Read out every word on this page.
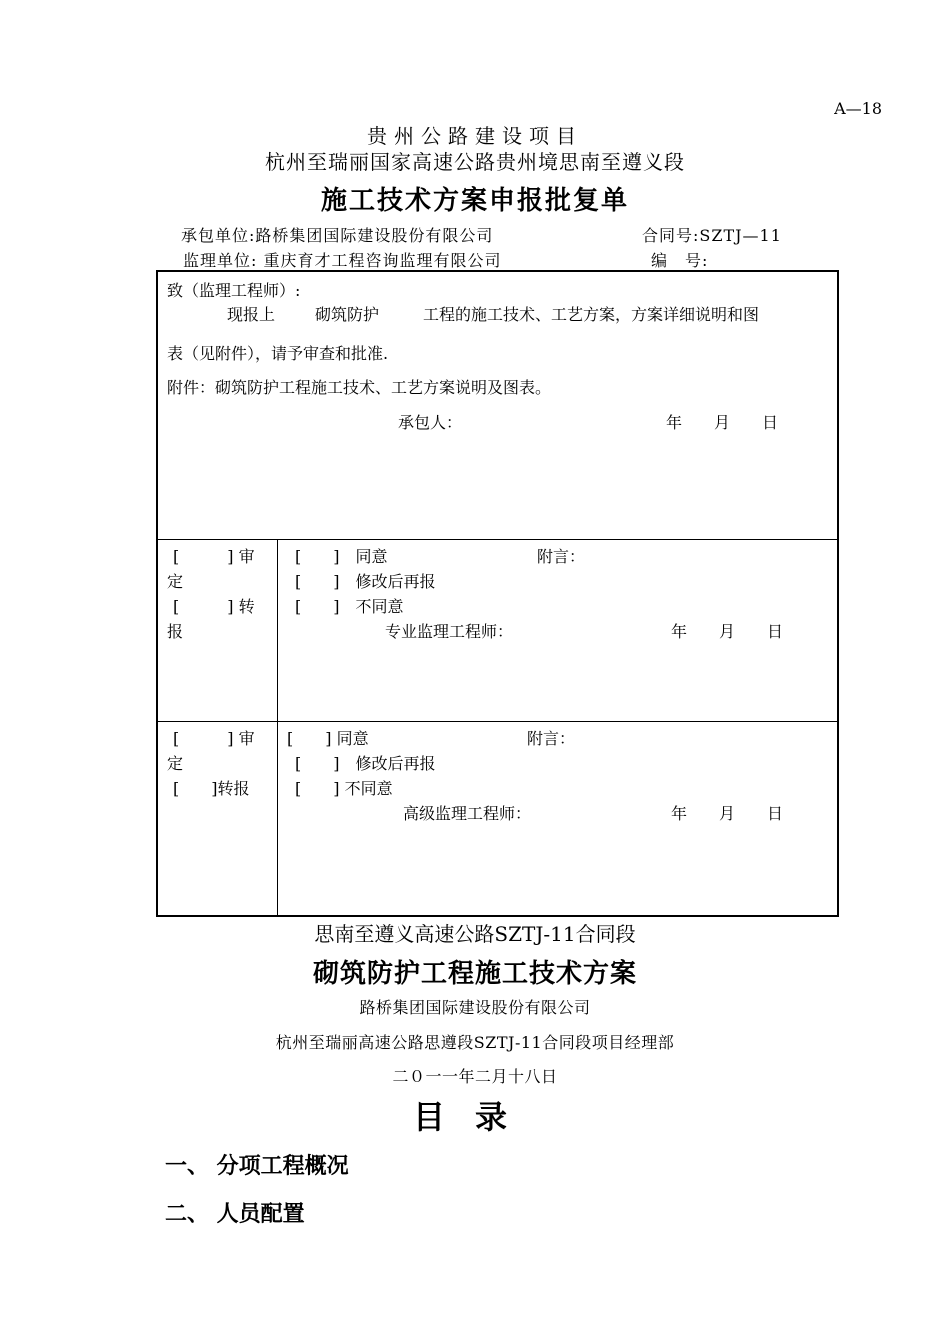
A—18
贵州公路建设项目
杭州至瑞丽国家高速公路贵州境思南至遵义段
施工技术方案申报批复单
承包单位:路桥集团国际建设股份有限公司	合同号:SZTJ—11
监理单位: 重庆育才工程咨询监理有限公司	编　号:
致（监理工程师）:
现报上 砌筑防护	工程的施工技术、工艺方案，方案详细说明和图
表（见附件），请予审查和批准.
附件：砌筑防护工程施工技术、工艺方案说明及图表。
承包人：	年　　月　　日
[　　　] 审
定
[　　　] 转
报
[　　]　同意	附言：
[　　]　修改后再报
[　　]　不同意
专业监理工程师：	年　　月　　日
[　　　] 审
定
[　　]转报
[　　] 同意	附言：
[　　]　修改后再报
[　　] 不同意
高级监理工程师：	年　　月　　日
思南至遵义高速公路SZTJ-11合同段
砌筑防护工程施工技术方案
路桥集团国际建设股份有限公司
杭州至瑞丽高速公路思遵段SZTJ-11合同段项目经理部
二０一一年二月十八日
目录
一、 分项工程概况
二、 人员配置
